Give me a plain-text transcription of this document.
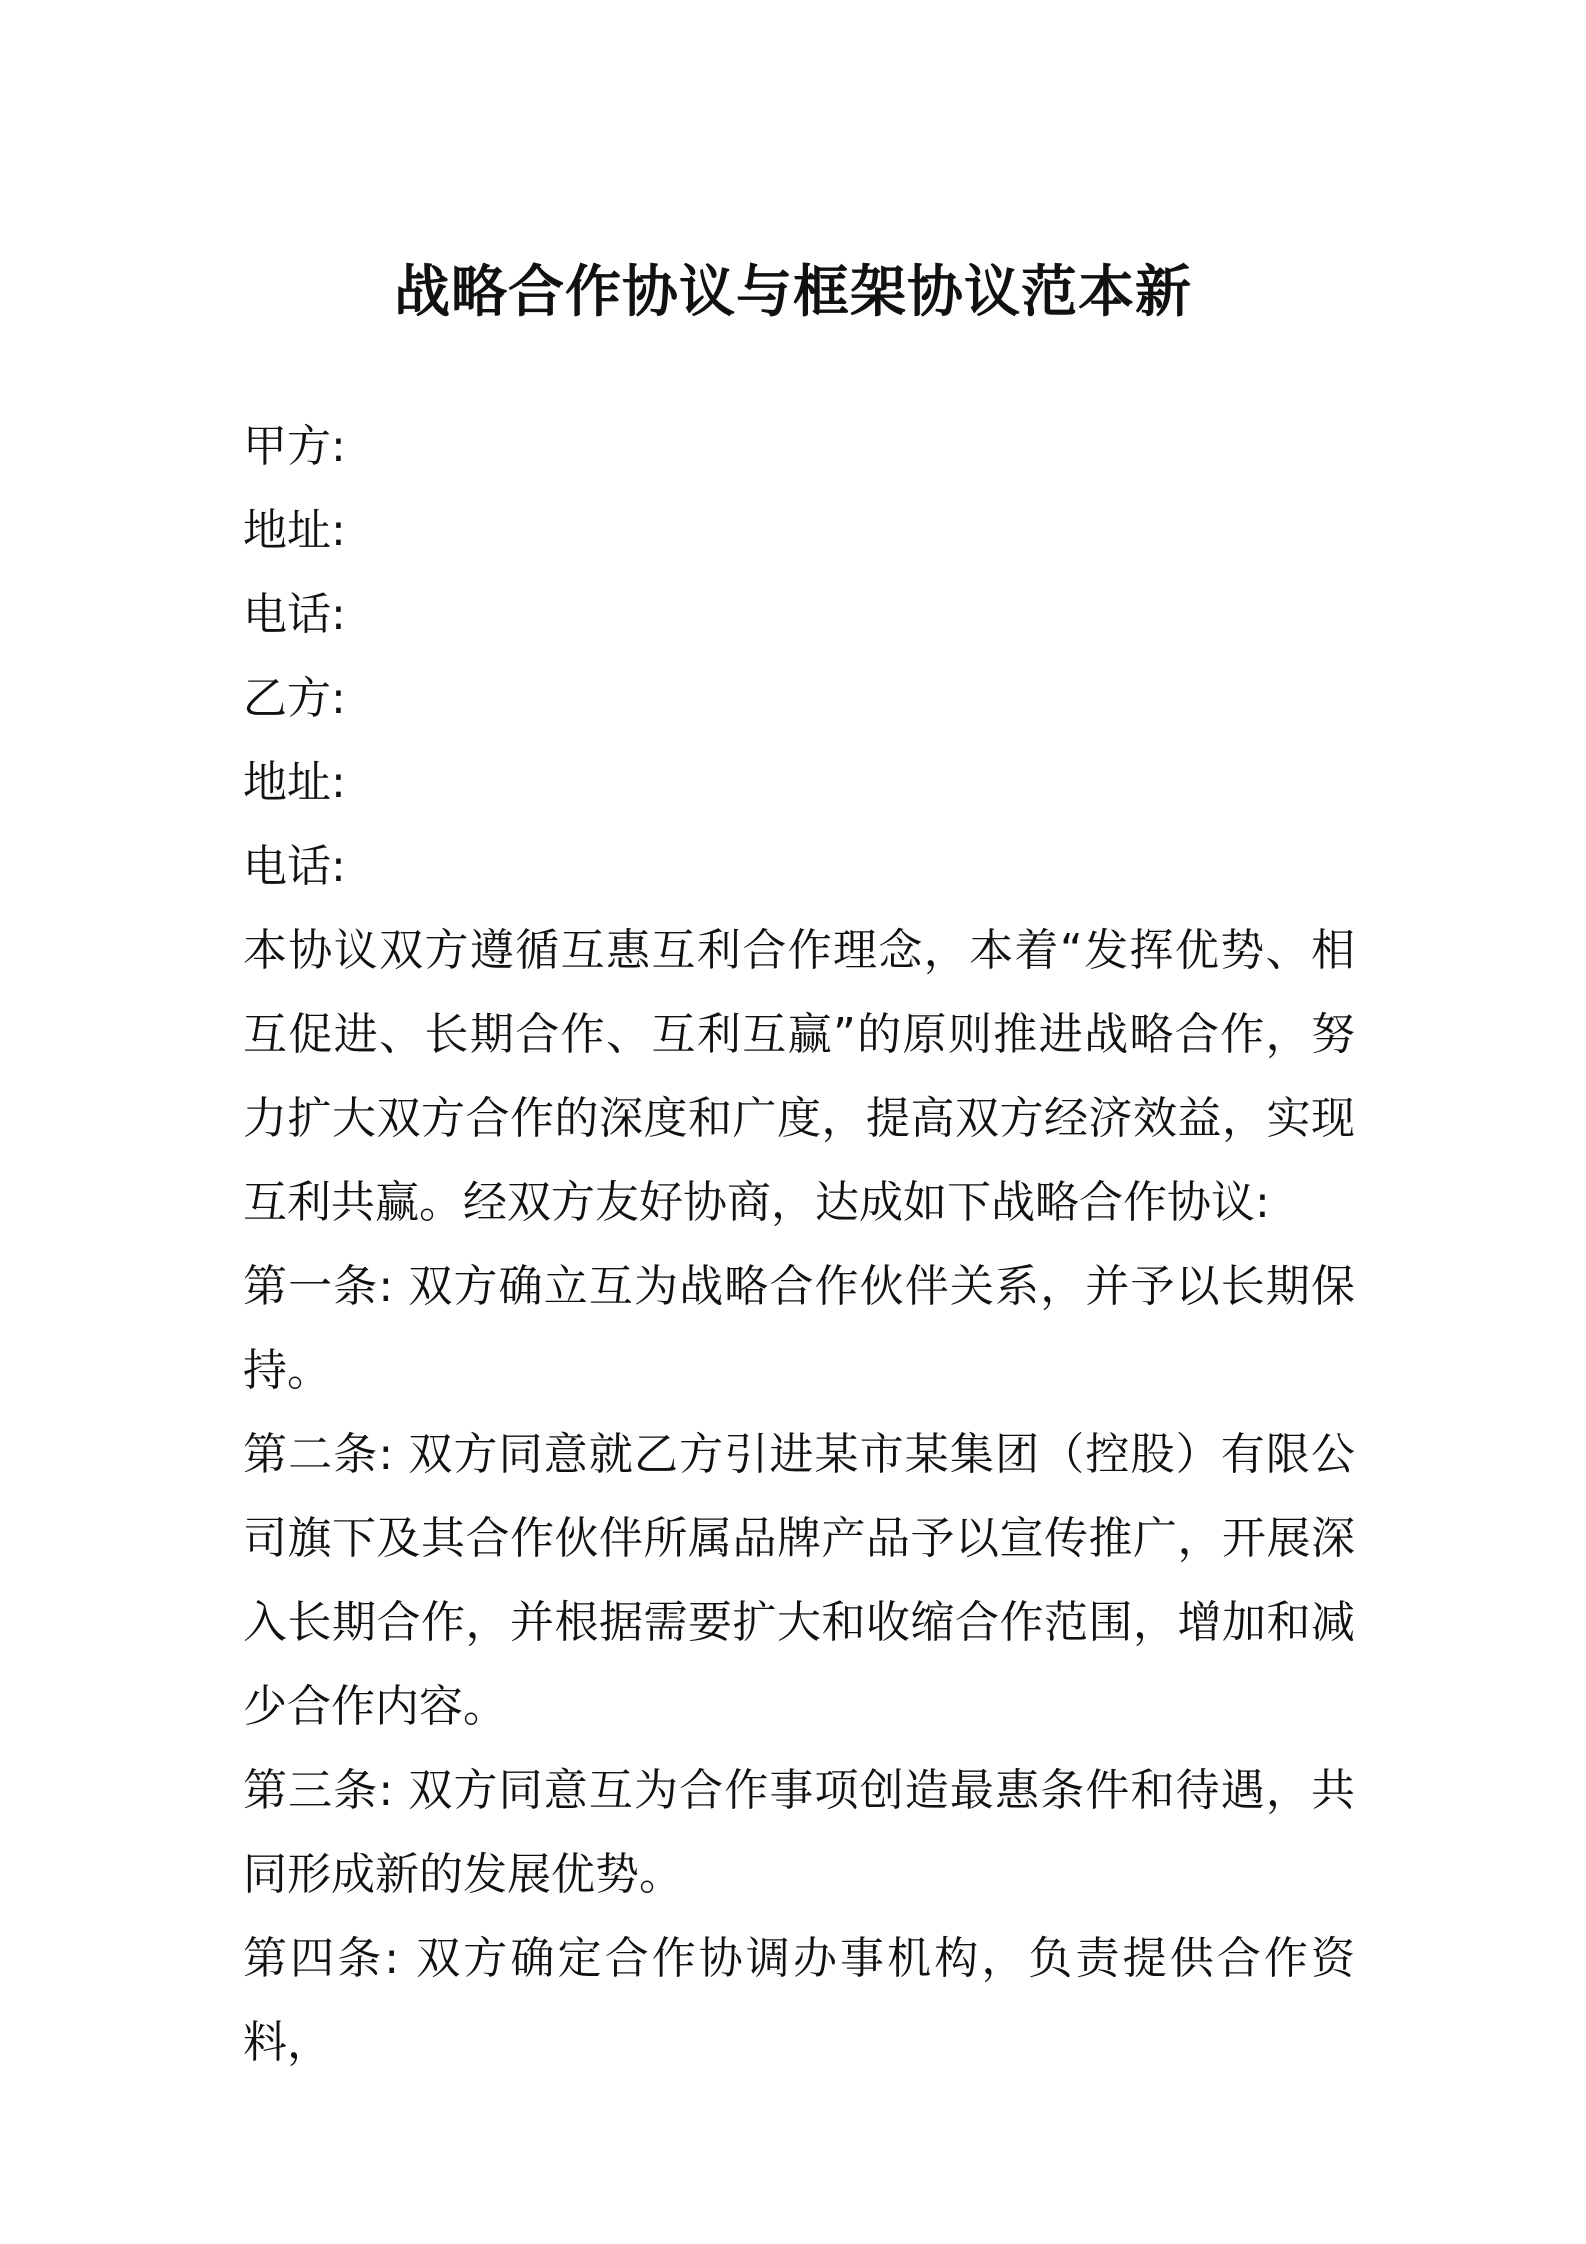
战略合作协议与框架协议范本新
甲方:
地址:
电话:
乙方:
地址:
电话:

本协议双方遵循互惠互利合作理念，本着“发挥优势、相互促进、长期合作、互利互赢”的原则推进战略合作，努力扩大双方合作的深度和广度，提高双方经济效益，实现互利共赢。经双方友好协商，达成如下战略合作协议:

第一条: 双方确立互为战略合作伙伴关系，并予以长期保持。

第二条: 双方同意就乙方引进某市某集团（控股）有限公司旗下及其合作伙伴所属品牌产品予以宣传推广，开展深入长期合作，并根据需要扩大和收缩合作范围，增加和减少合作内容。

第三条: 双方同意互为合作事项创造最惠条件和待遇，共同形成新的发展优势。

第四条: 双方确定合作协调办事机构，负责提供合作资料，
